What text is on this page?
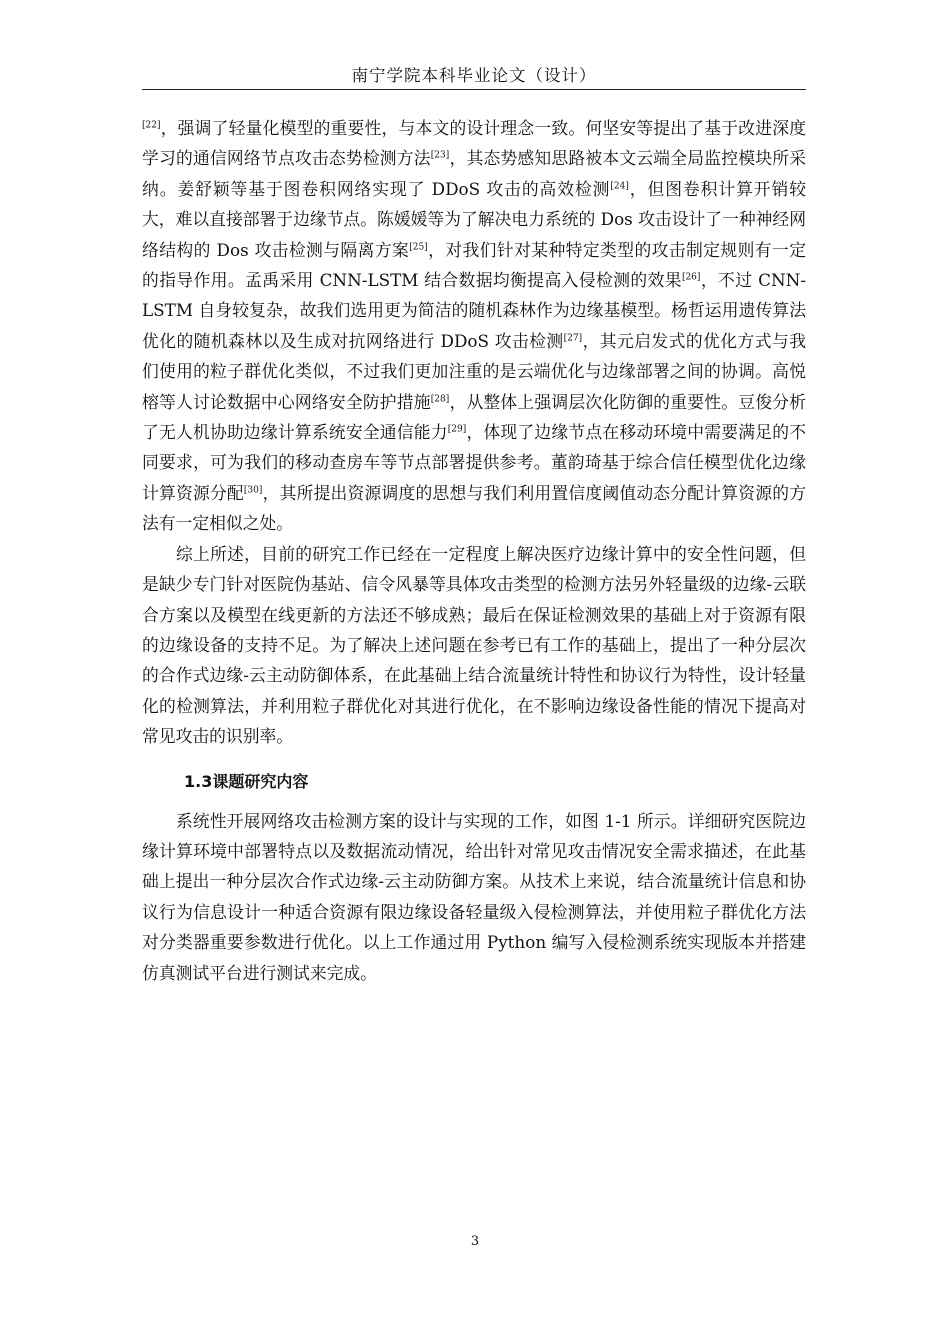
南宁学院本科毕业论文（设计）

[22]，强调了轻量化模型的重要性，与本文的设计理念一致。何坚安等提出了基于改进深度学习的通信网络节点攻击态势检测方法[23]，其态势感知思路被本文云端全局监控模块所采纳。姜舒颖等基于图卷积网络实现了 DDoS 攻击的高效检测[24]，但图卷积计算开销较大，难以直接部署于边缘节点。陈媛媛等为了解决电力系统的 Dos 攻击设计了一种神经网络结构的 Dos 攻击检测与隔离方案[25]，对我们针对某种特定类型的攻击制定规则有一定的指导作用。孟禹采用 CNN-LSTM 结合数据均衡提高入侵检测的效果[26]，不过 CNN-LSTM 自身较复杂，故我们选用更为简洁的随机森林作为边缘基模型。杨哲运用遗传算法优化的随机森林以及生成对抗网络进行 DDoS 攻击检测[27]，其元启发式的优化方式与我们使用的粒子群优化类似，不过我们更加注重的是云端优化与边缘部署之间的协调。高悦榕等人讨论数据中心网络安全防护措施[28]，从整体上强调层次化防御的重要性。豆俊分析了无人机协助边缘计算系统安全通信能力[29]，体现了边缘节点在移动环境中需要满足的不同要求，可为我们的移动查房车等节点部署提供参考。董韵琦基于综合信任模型优化边缘计算资源分配[30]，其所提出资源调度的思想与我们利用置信度阈值动态分配计算资源的方法有一定相似之处。

综上所述，目前的研究工作已经在一定程度上解决医疗边缘计算中的安全性问题，但是缺少专门针对医院伪基站、信令风暴等具体攻击类型的检测方法另外轻量级的边缘-云联合方案以及模型在线更新的方法还不够成熟；最后在保证检测效果的基础上对于资源有限的边缘设备的支持不足。为了解决上述问题在参考已有工作的基础上，提出了一种分层次的合作式边缘-云主动防御体系，在此基础上结合流量统计特性和协议行为特性，设计轻量化的检测算法，并利用粒子群优化对其进行优化，在不影响边缘设备性能的情况下提高对常见攻击的识别率。

1.3课题研究内容

系统性开展网络攻击检测方案的设计与实现的工作，如图 1-1 所示。详细研究医院边缘计算环境中部署特点以及数据流动情况，给出针对常见攻击情况安全需求描述，在此基础上提出一种分层次合作式边缘-云主动防御方案。从技术上来说，结合流量统计信息和协议行为信息设计一种适合资源有限边缘设备轻量级入侵检测算法，并使用粒子群优化方法对分类器重要参数进行优化。以上工作通过用 Python 编写入侵检测系统实现版本并搭建仿真测试平台进行测试来完成。

3
